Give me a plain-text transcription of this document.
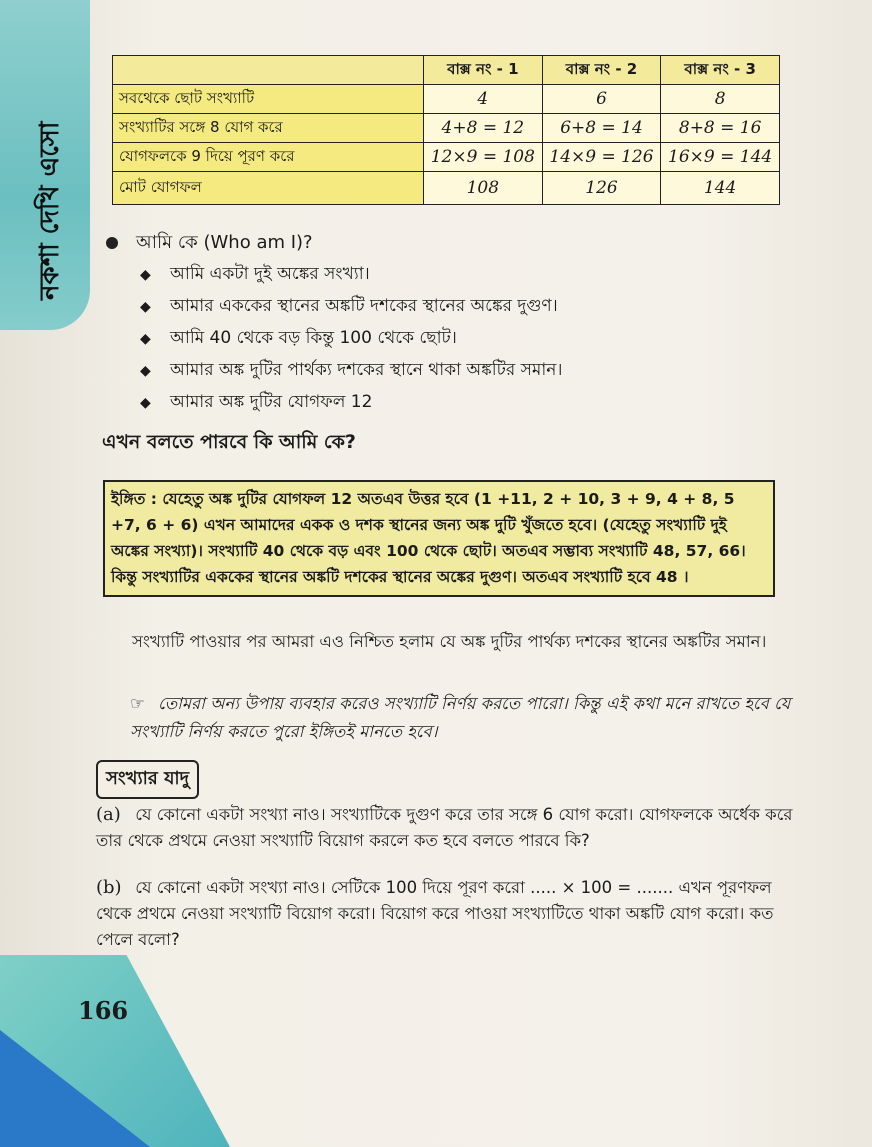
নকশা দেখি এসো
166
	বাক্স নং - 1	বাক্স নং - 2	বাক্স নং - 3
সবথেকে ছোট সংখ্যাটি	4	6	8
সংখ্যাটির সঙ্গে 8 যোগ করে	4+8 = 12	6+8 = 14	8+8 = 16
যোগফলকে 9 দিয়ে পূরণ করে	12×9 = 108	14×9 = 126	16×9 = 144
মোট যোগফল	108	126	144
আমি কে (Who am I)?
◆ আমি একটা দুই অঙ্কের সংখ্যা।
◆ আমার এককের স্থানের অঙ্কটি দশকের স্থানের অঙ্কের দুগুণ।
◆ আমি 40 থেকে বড় কিন্তু 100 থেকে ছোট।
◆ আমার অঙ্ক দুটির পার্থক্য দশকের স্থানে থাকা অঙ্কটির সমান।
◆ আমার অঙ্ক দুটির যোগফল 12
এখন বলতে পারবে কি আমি কে?
ইঙ্গিত : যেহেতু অঙ্ক দুটির যোগফল 12 অতএব উত্তর হবে (1 +11, 2 + 10, 3 + 9, 4 + 8, 5 +7, 6 + 6) এখন আমাদের একক ও দশক স্থানের জন্য অঙ্ক দুটি খুঁজতে হবে। (যেহেতু সংখ্যাটি দুই অঙ্কের সংখ্যা)। সংখ্যাটি 40 থেকে বড় এবং 100 থেকে ছোট। অতএব সম্ভাব্য সংখ্যাটি 48, 57, 66। কিন্তু সংখ্যাটির এককের স্থানের অঙ্কটি দশকের স্থানের অঙ্কের দুগুণ। অতএব সংখ্যাটি হবে 48 ।
সংখ্যাটি পাওয়ার পর আমরা এও নিশ্চিত হলাম যে অঙ্ক দুটির পার্থক্য দশকের স্থানের অঙ্কটির সমান।
☞ তোমরা অন্য উপায় ব্যবহার করেও সংখ্যাটি নির্ণয় করতে পারো। কিন্তু এই কথা মনে রাখতে হবে যে সংখ্যাটি নির্ণয় করতে পুরো ইঙ্গিতই মানতে হবে।
সংখ্যার যাদু
(a) যে কোনো একটা সংখ্যা নাও। সংখ্যাটিকে দুগুণ করে তার সঙ্গে 6 যোগ করো। যোগফলকে অর্ধেক করে তার থেকে প্রথমে নেওয়া সংখ্যাটি বিয়োগ করলে কত হবে বলতে পারবে কি?
(b) যে কোনো একটা সংখ্যা নাও। সেটিকে 100 দিয়ে পূরণ করো ..... × 100 = ....... এখন পূরণফল থেকে প্রথমে নেওয়া সংখ্যাটি বিয়োগ করো। বিয়োগ করে পাওয়া সংখ্যাটিতে থাকা অঙ্কটি যোগ করো। কত পেলে বলো?
